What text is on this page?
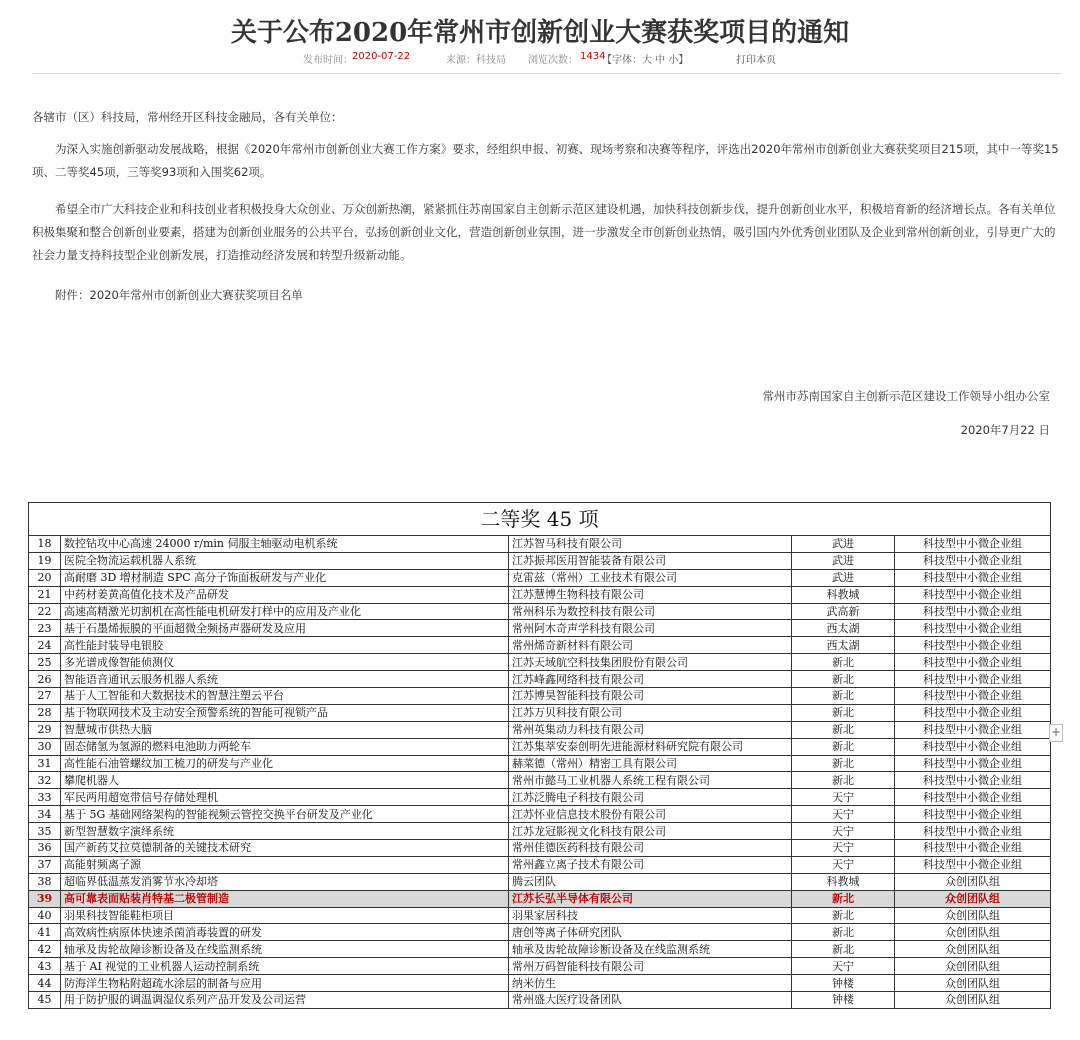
关于公布2020年常州市创新创业大赛获奖项目的通知
发布时间： 2020-07-22	来源：科技局 浏览次数： 1434
【字体：大 中 小】	打印本页
各辖市（区）科技局，常州经开区科技金融局，各有关单位：

为深入实施创新驱动发展战略，根据《2020年常州市创新创业大赛工作方案》要求，经组织申报、初赛、现场考察和决赛等程序，评选出2020年常州市创新创业大赛获奖项目215项，其中一等奖15项、二等奖45项，三等奖93项和入围奖62项。

希望全市广大科技企业和科技创业者积极投身大众创业、万众创新热潮，紧紧抓住苏南国家自主创新示范区建设机遇，加快科技创新步伐，提升创新创业水平，积极培育新的经济增长点。各有关单位积极集聚和整合创新创业要素，搭建为创新创业服务的公共平台，弘扬创新创业文化，营造创新创业氛围，进一步激发全市创新创业热情，吸引国内外优秀创业团队及企业到常州创新创业，引导更广大的社会力量支持科技型企业创新发展，打造推动经济发展和转型升级新动能。

附件：2020年常州市创新创业大赛获奖项目名单

常州市苏南国家自主创新示范区建设工作领导小组办公室
2020年7月22 日
二等奖 45 项				
18	数控钻攻中心高速 24000 r/min 伺服主轴驱动电机系统	江苏智马科技有限公司	武进	科技型中小微企业组
19	医院全物流运载机器人系统	江苏振邦医用智能装备有限公司	武进	科技型中小微企业组
20	高耐磨 3D 增材制造 SPC 高分子饰面板研发与产业化	克雷兹（常州）工业技术有限公司	武进	科技型中小微企业组
21	中药材姜黄高值化技术及产品研发	江苏慧博生物科技有限公司	科教城	科技型中小微企业组
22	高速高精激光切割机在高性能电机研发打样中的应用及产业化	常州科乐为数控科技有限公司	武高新	科技型中小微企业组
23	基于石墨烯振膜的平面超微全频扬声器研发及应用	常州阿木奇声学科技有限公司	西太湖	科技型中小微企业组
24	高性能封装导电银胶	常州烯奇新材料有限公司	西太湖	科技型中小微企业组
25	多光谱成像智能侦测仪	江苏天域航空科技集团股份有限公司	新北	科技型中小微企业组
26	智能语音通讯云服务机器人系统	江苏峰鑫网络科技有限公司	新北	科技型中小微企业组
27	基于人工智能和大数据技术的智慧注塑云平台	江苏博昊智能科技有限公司	新北	科技型中小微企业组
28	基于物联网技术及主动安全预警系统的智能可视锁产品	江苏万贝科技有限公司	新北	科技型中小微企业组
29	智慧城市供热大脑	常州英集动力科技有限公司	新北	科技型中小微企业组
30	固态储氢为氢源的燃料电池助力两轮车	江苏集萃安泰创明先进能源材料研究院有限公司	新北	科技型中小微企业组
31	高性能石油管螺纹加工梳刀的研发与产业化	赫菜德（常州）精密工具有限公司	新北	科技型中小微企业组
32	攀爬机器人	常州市懿马工业机器人系统工程有限公司	新北	科技型中小微企业组
33	军民两用超宽带信号存储处理机	江苏泛腾电子科技有限公司	天宁	科技型中小微企业组
34	基于 5G 基础网络架构的智能视频云管控交换平台研发及产业化	江苏怀业信息技术股份有限公司	天宁	科技型中小微企业组
35	新型智慧数字演绎系统	江苏龙冠影视文化科技有限公司	天宁	科技型中小微企业组
36	国产新药艾拉莫德制备的关键技术研究	常州佳德医药科技有限公司	天宁	科技型中小微企业组
37	高能射频离子源	常州鑫立离子技术有限公司	天宁	科技型中小微企业组
38	超临界低温蒸发消雾节水冷却塔	腾云团队	科教城	众创团队组
39	高可靠表面贴装肖特基二极管制造	江苏长弘半导体有限公司	新北	众创团队组
40	羽果科技智能鞋柜项目	羽果家居科技	新北	众创团队组
41	高效病性病原体快速杀菌消毒装置的研发	唐创等离子体研究团队	新北	众创团队组
42	轴承及齿轮故障诊断设备及在线监测系统	轴承及齿轮故障诊断设备及在线监测系统	新北	众创团队组
43	基于 AI 视觉的工业机器人运动控制系统	常州万码智能科技有限公司	天宁	众创团队组
44	防海洋生物粘附超疏水涂层的制备与应用	纳米仿生	钟楼	众创团队组
45	用于防护服的调温调湿仪系列产品开发及公司运营	常州盛大医疗设备团队	钟楼	众创团队组
+
